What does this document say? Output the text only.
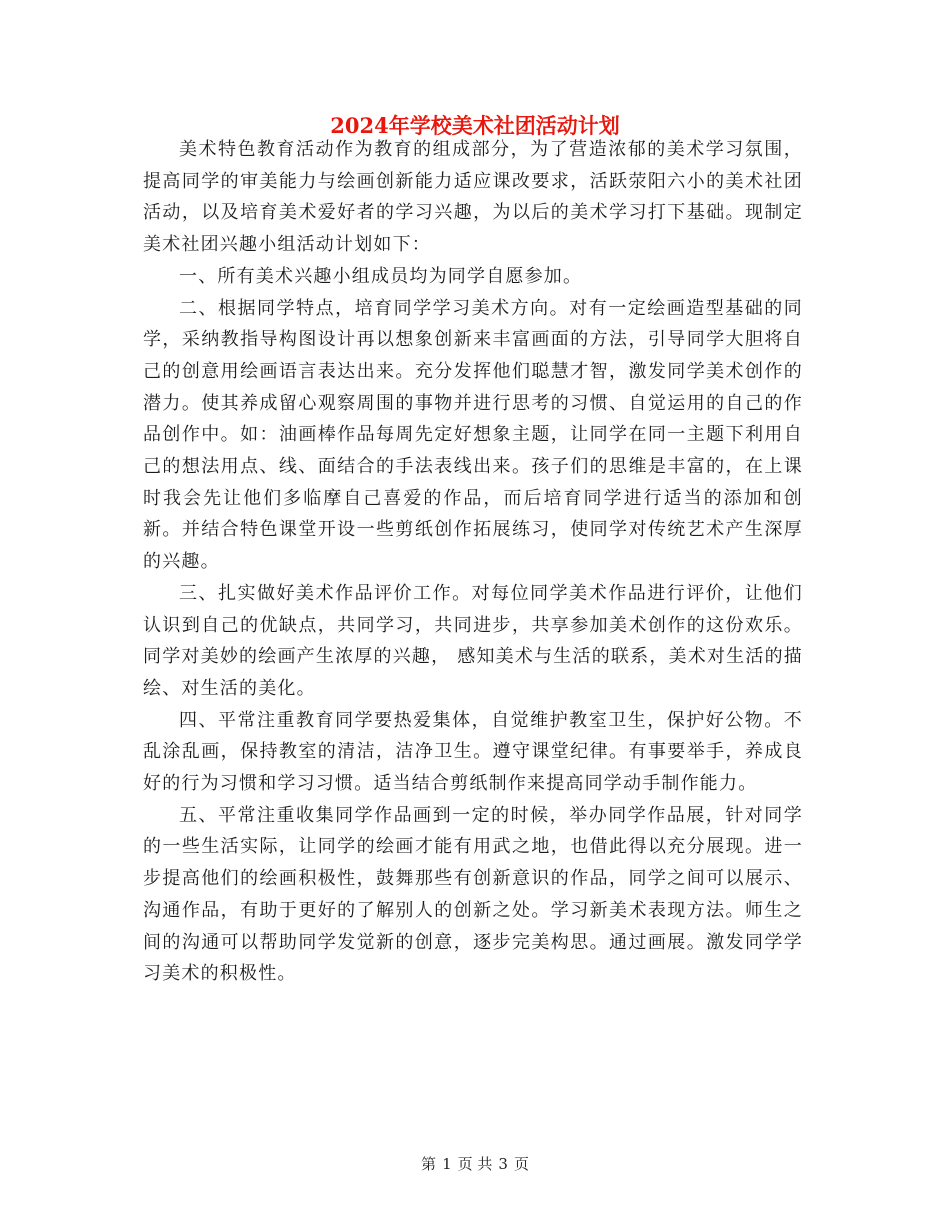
2024年学校美术社团活动计划

美术特色教育活动作为教育的组成部分，为了营造浓郁的美术学习氛围，提高同学的审美能力与绘画创新能力适应课改要求，活跃荥阳六小的美术社团活动，以及培育美术爱好者的学习兴趣，为以后的美术学习打下基础。现制定美术社团兴趣小组活动计划如下：

一、所有美术兴趣小组成员均为同学自愿参加。

二、根据同学特点，培育同学学习美术方向。对有一定绘画造型基础的同学，采纳教指导构图设计再以想象创新来丰富画面的方法，引导同学大胆将自己的创意用绘画语言表达出来。充分发挥他们聪慧才智，激发同学美术创作的潜力。使其养成留心观察周围的事物并进行思考的习惯、自觉运用的自己的作品创作中。如：油画棒作品每周先定好想象主题，让同学在同一主题下利用自己的想法用点、线、面结合的手法表线出来。孩子们的思维是丰富的，在上课时我会先让他们多临摩自己喜爱的作品，而后培育同学进行适当的添加和创新。并结合特色课堂开设一些剪纸创作拓展练习，使同学对传统艺术产生深厚的兴趣。

三、扎实做好美术作品评价工作。对每位同学美术作品进行评价，让他们认识到自己的优缺点，共同学习，共同进步，共享参加美术创作的这份欢乐。同学对美妙的绘画产生浓厚的兴趣， 感知美术与生活的联系，美术对生活的描绘、对生活的美化。

四、平常注重教育同学要热爱集体，自觉维护教室卫生，保护好公物。不乱涂乱画，保持教室的清洁，洁净卫生。遵守课堂纪律。有事要举手，养成良好的行为习惯和学习习惯。适当结合剪纸制作来提高同学动手制作能力。

五、平常注重收集同学作品画到一定的时候，举办同学作品展，针对同学的一些生活实际，让同学的绘画才能有用武之地，也借此得以充分展现。进一步提高他们的绘画积极性，鼓舞那些有创新意识的作品，同学之间可以展示、沟通作品，有助于更好的了解别人的创新之处。学习新美术表现方法。师生之间的沟通可以帮助同学发觉新的创意，逐步完美构思。通过画展。激发同学学习美术的积极性。

第 1 页 共 3 页
